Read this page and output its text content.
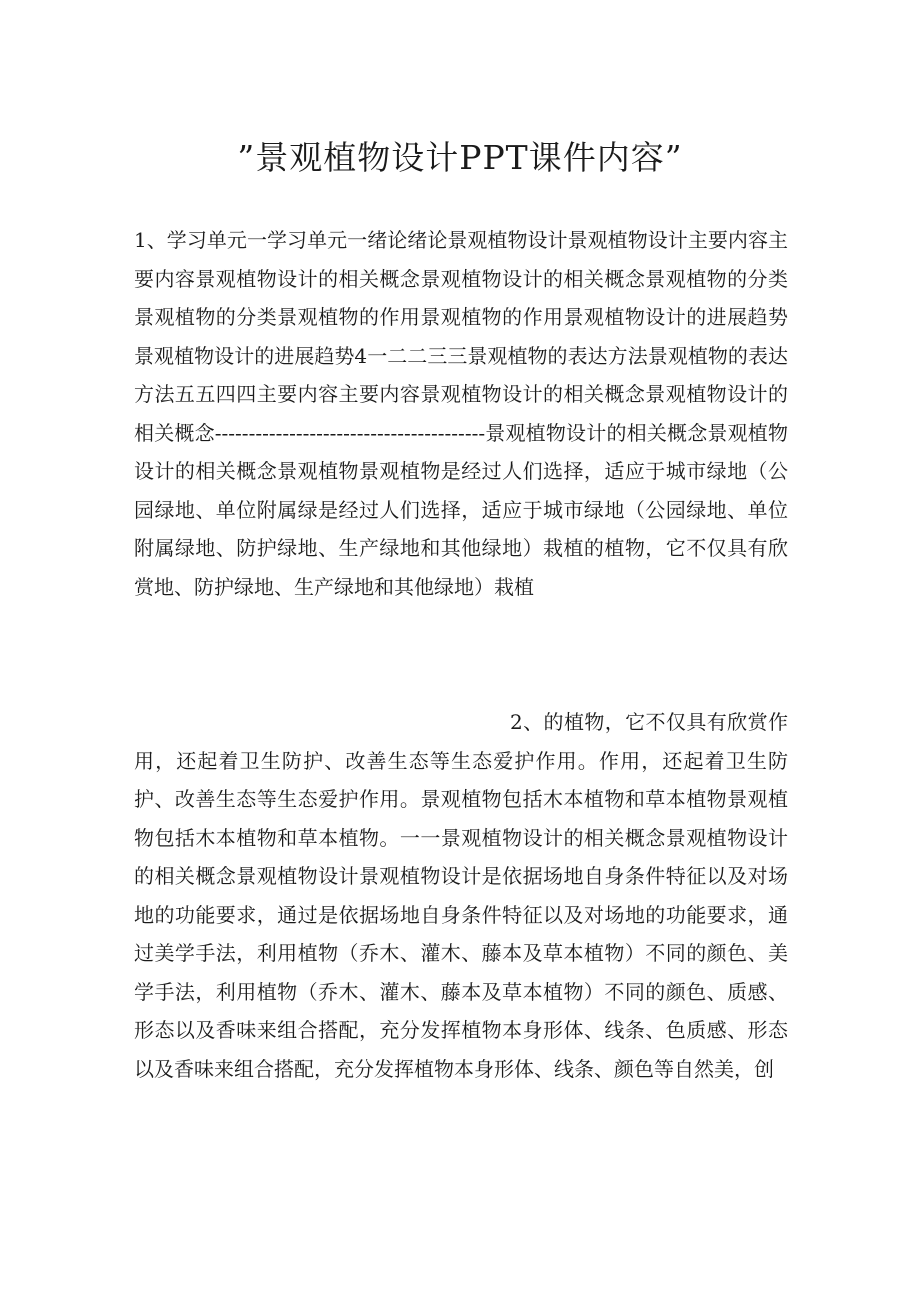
”景观植物设计PPT课件内容”
1、学习单元一学习单元一绪论绪论景观植物设计景观植物设计主要内容主要内容景观植物设计的相关概念景观植物设计的相关概念景观植物的分类景观植物的分类景观植物的作用景观植物的作用景观植物设计的进展趋势景观植物设计的进展趋势4一二二三三景观植物的表达方法景观植物的表达方法五五四四主要内容主要内容景观植物设计的相关概念景观植物设计的相关概念----------------------------------------景观植物设计的相关概念景观植物设计的相关概念景观植物景观植物是经过人们选择，适应于城市绿地（公园绿地、单位附属绿是经过人们选择，适应于城市绿地（公园绿地、单位附属绿地、防护绿地、生产绿地和其他绿地）栽植的植物，它不仅具有欣赏地、防护绿地、生产绿地和其他绿地）栽植
2、的植物，它不仅具有欣赏作用，还起着卫生防护、改善生态等生态爱护作用。作用，还起着卫生防护、改善生态等生态爱护作用。景观植物包括木本植物和草本植物景观植物包括木本植物和草本植物。一一景观植物设计的相关概念景观植物设计的相关概念景观植物设计景观植物设计是依据场地自身条件特征以及对场地的功能要求，通过是依据场地自身条件特征以及对场地的功能要求，通过美学手法，利用植物（乔木、灌木、藤本及草本植物）不同的颜色、美学手法，利用植物（乔木、灌木、藤本及草本植物）不同的颜色、质感、形态以及香味来组合搭配，充分发挥植物本身形体、线条、色质感、形态以及香味来组合搭配，充分发挥植物本身形体、线条、颜色等自然美，创
